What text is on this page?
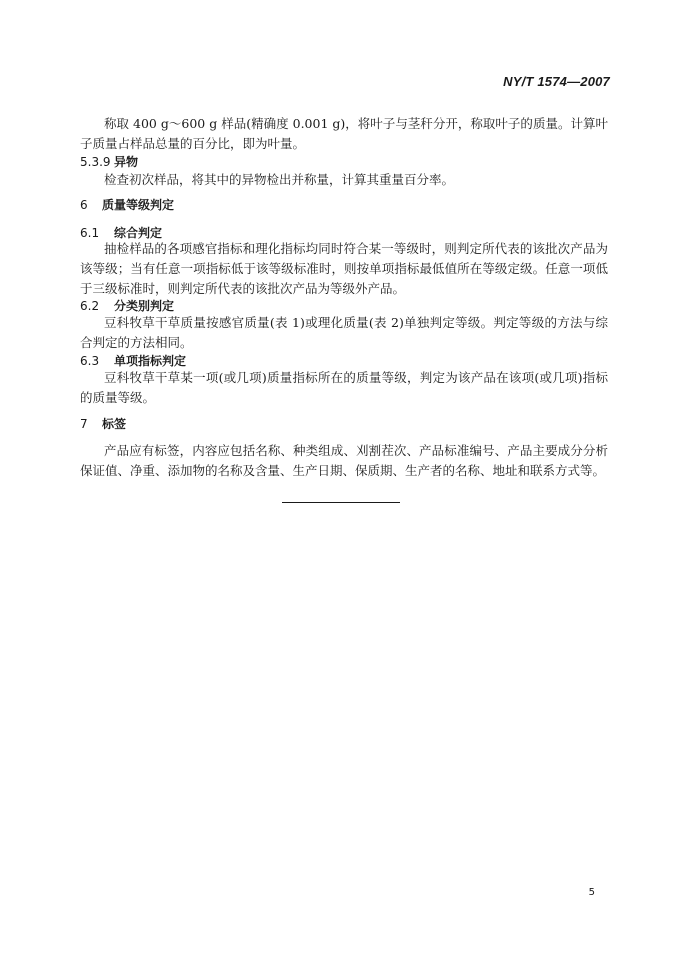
NY/T 1574—2007
称取 400 g～600 g 样品(精确度 0.001 g)，将叶子与茎秆分开，称取叶子的质量。计算叶子质量占样品总量的百分比，即为叶量。
5.3.9 异物
检查初次样品，将其中的异物检出并称量，计算其重量百分率。
6 质量等级判定
6.1 综合判定
抽检样品的各项感官指标和理化指标均同时符合某一等级时，则判定所代表的该批次产品为该等级；当有任意一项指标低于该等级标准时，则按单项指标最低值所在等级定级。任意一项低于三级标准时，则判定所代表的该批次产品为等级外产品。
6.2 分类别判定
豆科牧草干草质量按感官质量(表 1)或理化质量(表 2)单独判定等级。判定等级的方法与综合判定的方法相同。
6.3 单项指标判定
豆科牧草干草某一项(或几项)质量指标所在的质量等级，判定为该产品在该项(或几项)指标的质量等级。
7 标签
产品应有标签，内容应包括名称、种类组成、刈割茬次、产品标准编号、产品主要成分分析保证值、净重、添加物的名称及含量、生产日期、保质期、生产者的名称、地址和联系方式等。
5
